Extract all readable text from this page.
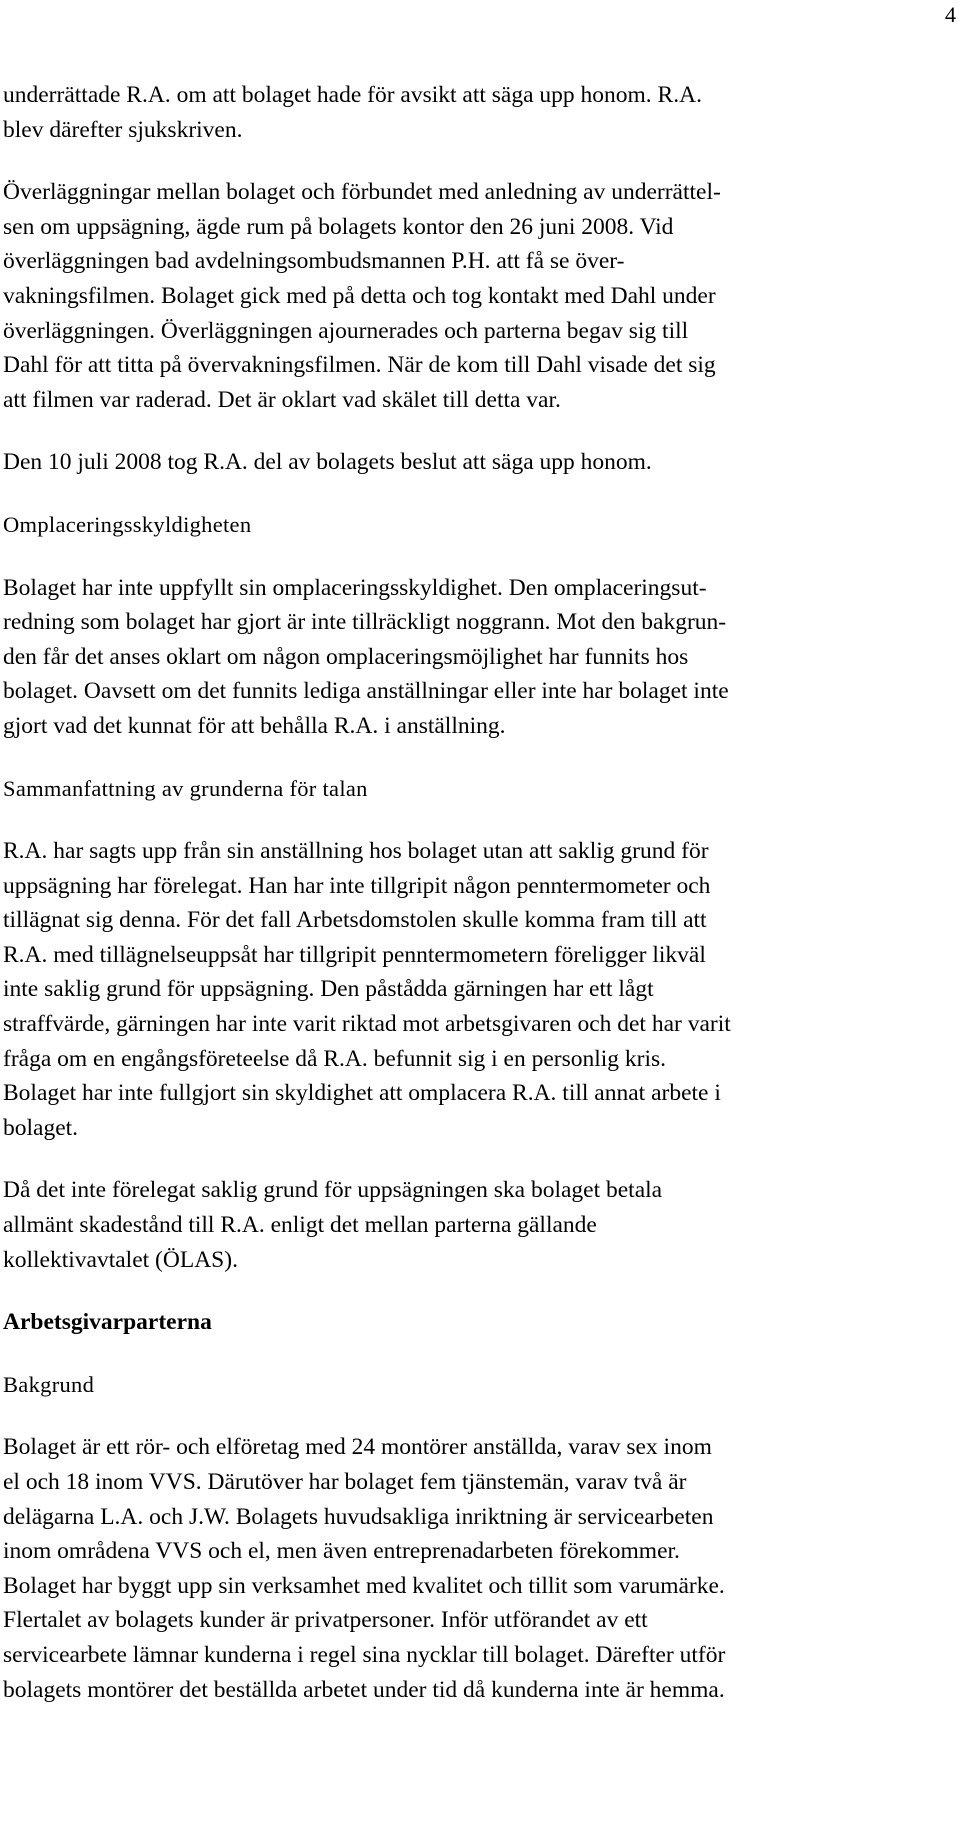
4
underrättade R.A. om att bolaget hade för avsikt att säga upp honom. R.A.
blev därefter sjukskriven.
Överläggningar mellan bolaget och förbundet med anledning av underrättel-
sen om uppsägning, ägde rum på bolagets kontor den 26 juni 2008. Vid
överläggningen bad avdelningsombudsmannen P.H. att få se över-
vakningsfilmen. Bolaget gick med på detta och tog kontakt med Dahl under
överläggningen. Överläggningen ajournerades och parterna begav sig till
Dahl för att titta på övervakningsfilmen. När de kom till Dahl visade det sig
att filmen var raderad. Det är oklart vad skälet till detta var.
Den 10 juli 2008 tog R.A. del av bolagets beslut att säga upp honom.
Omplaceringsskyldigheten
Bolaget har inte uppfyllt sin omplaceringsskyldighet. Den omplaceringsut-
redning som bolaget har gjort är inte tillräckligt noggrann. Mot den bakgrun-
den får det anses oklart om någon omplaceringsmöjlighet har funnits hos
bolaget. Oavsett om det funnits lediga anställningar eller inte har bolaget inte
gjort vad det kunnat för att behålla R.A. i anställning.
Sammanfattning av grunderna för talan
R.A. har sagts upp från sin anställning hos bolaget utan att saklig grund för
uppsägning har förelegat. Han har inte tillgripit någon penntermometer och
tillägnat sig denna. För det fall Arbetsdomstolen skulle komma fram till att
R.A. med tillägnelseuppsåt har tillgripit penntermometern föreligger likväl
inte saklig grund för uppsägning. Den påstådda gärningen har ett lågt
straffvärde, gärningen har inte varit riktad mot arbetsgivaren och det har varit
fråga om en engångsföreteelse då R.A. befunnit sig i en personlig kris.
Bolaget har inte fullgjort sin skyldighet att omplacera R.A. till annat arbete i
bolaget.
Då det inte förelegat saklig grund för uppsägningen ska bolaget betala
allmänt skadestånd till R.A. enligt det mellan parterna gällande
kollektivavtalet (ÖLAS).
Arbetsgivarparterna
Bakgrund
Bolaget är ett rör- och elföretag med 24 montörer anställda, varav sex inom
el och 18 inom VVS. Därutöver har bolaget fem tjänstemän, varav två är
delägarna L.A. och J.W. Bolagets huvudsakliga inriktning är servicearbeten
inom områdena VVS och el, men även entreprenadarbeten förekommer.
Bolaget har byggt upp sin verksamhet med kvalitet och tillit som varumärke.
Flertalet av bolagets kunder är privatpersoner. Inför utförandet av ett
servicearbete lämnar kunderna i regel sina nycklar till bolaget. Därefter utför
bolagets montörer det beställda arbetet under tid då kunderna inte är hemma.
